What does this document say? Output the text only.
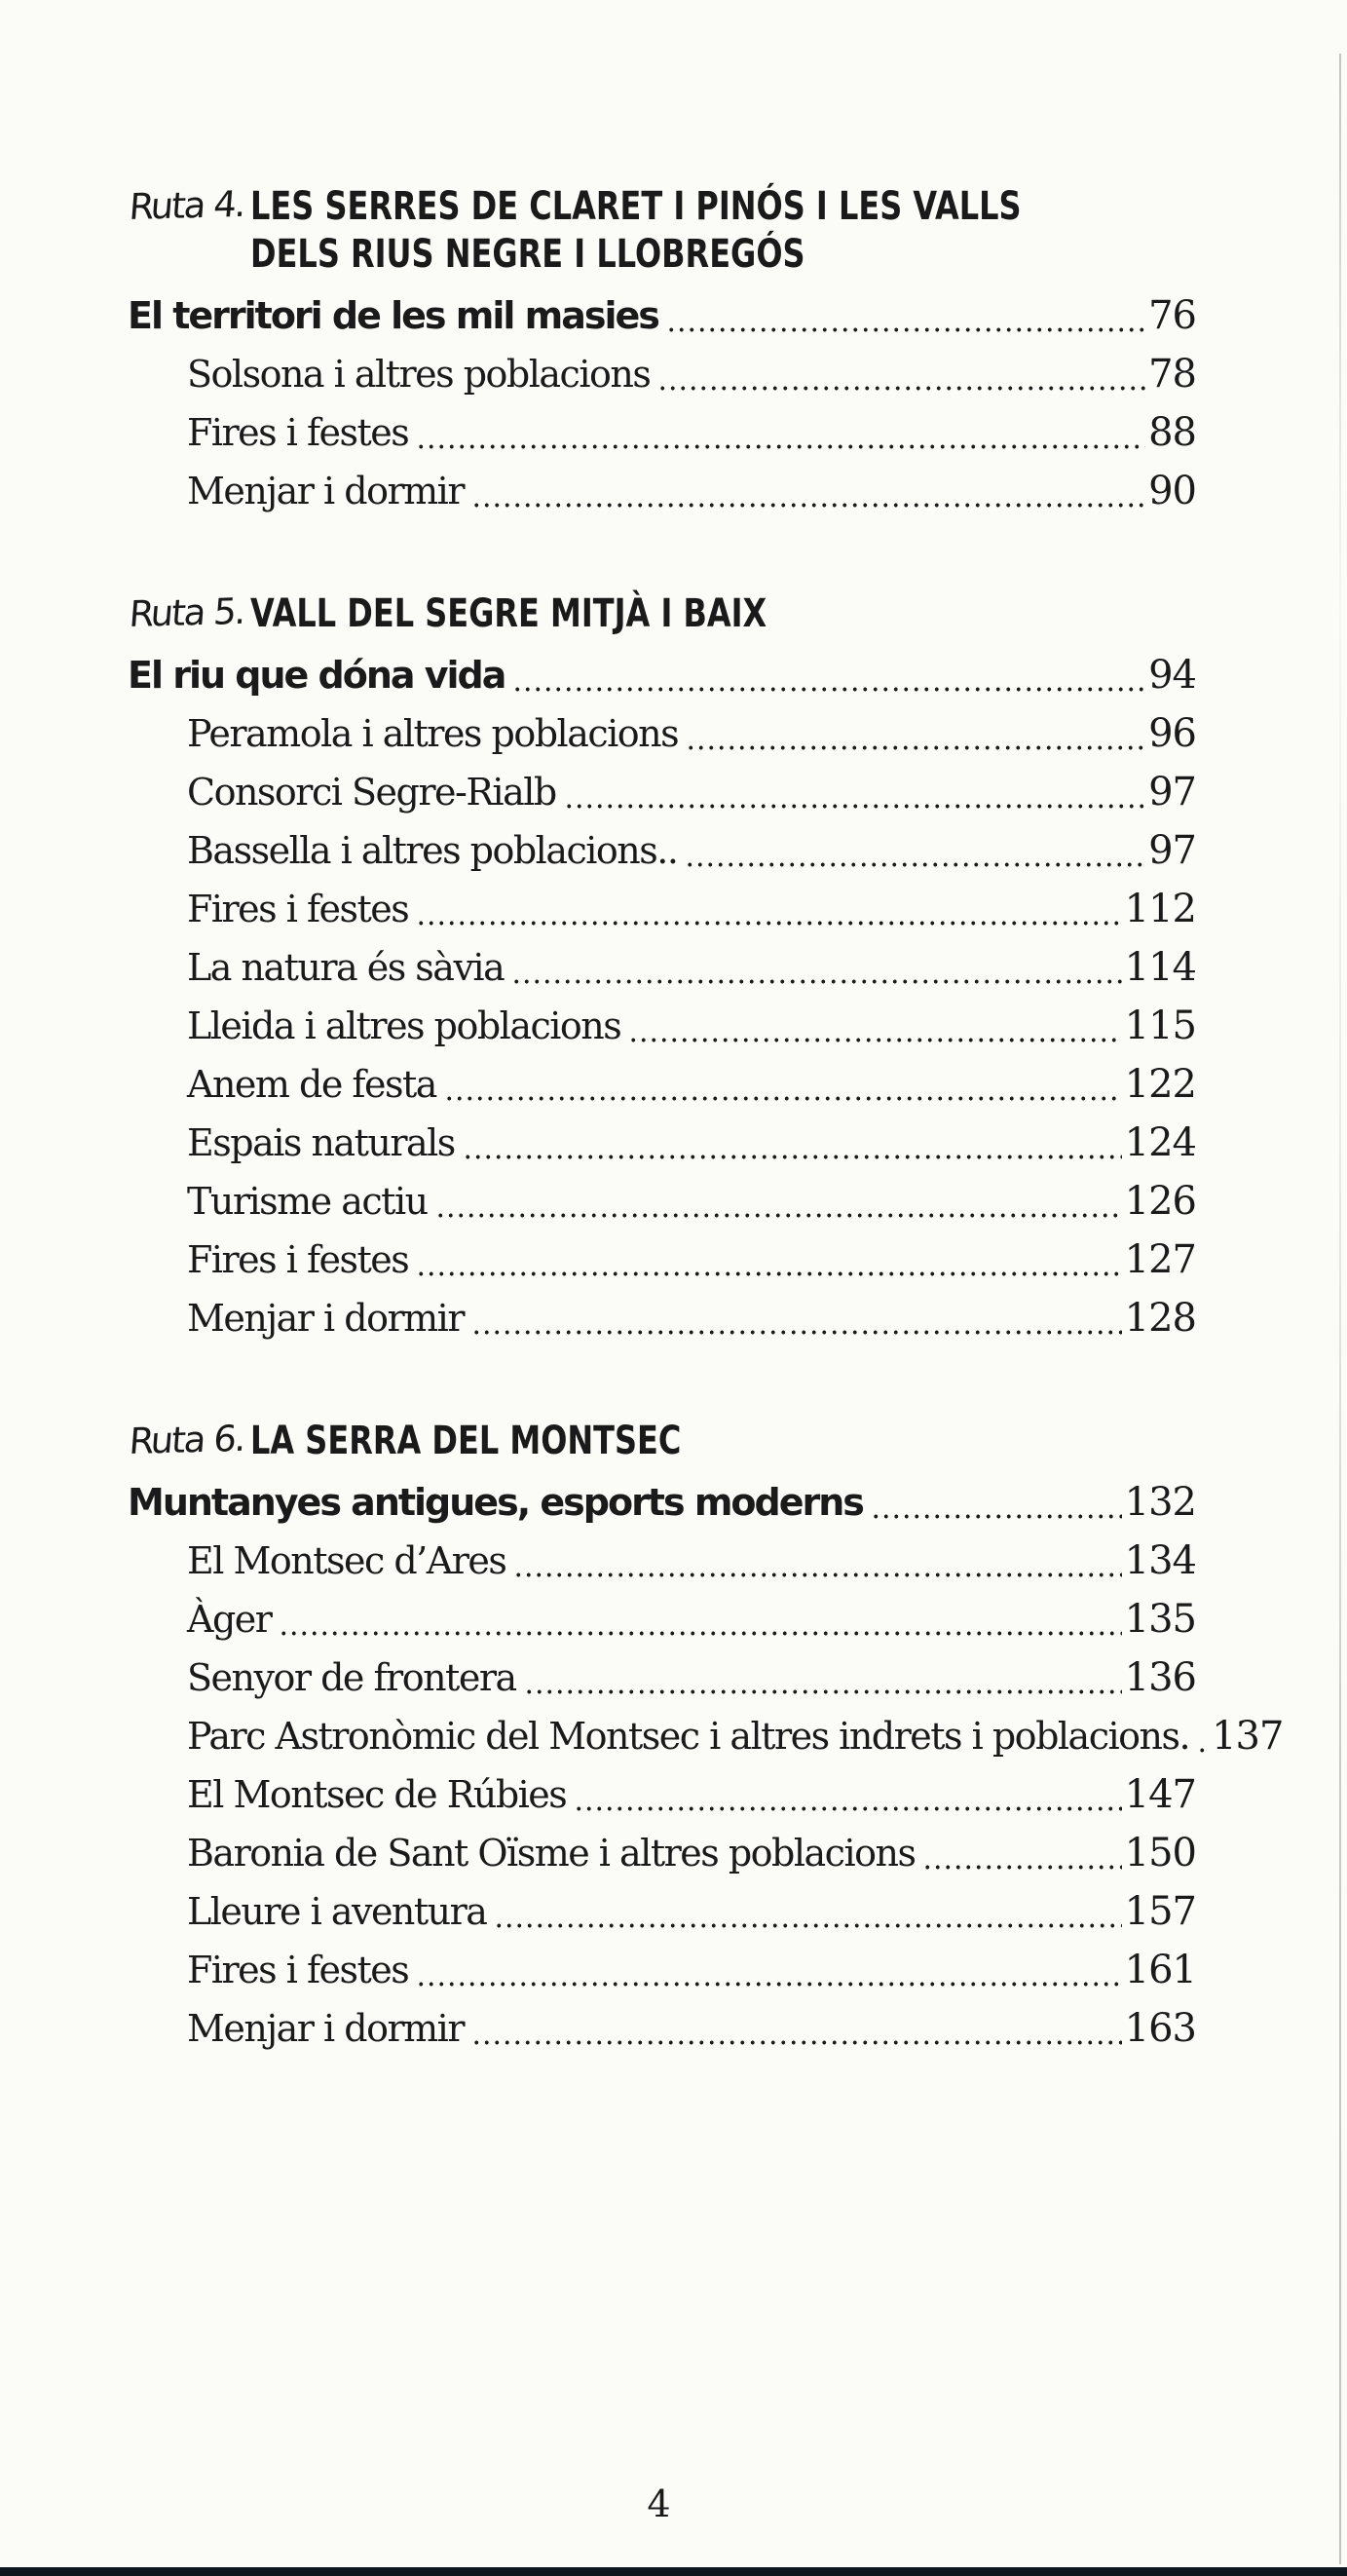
Ruta 4. LES SERRES DE CLARET I PINÓS I LES VALLS
DELS RIUS NEGRE I LLOBREGÓS
El territori de les mil masies	76
Solsona i altres poblacions	78
Fires i festes	88
Menjar i dormir	90
Ruta 5. VALL DEL SEGRE MITJÀ I BAIX
El riu que dóna vida	94
Peramola i altres poblacions	96
Consorci Segre-Rialb	97
Bassella i altres poblacions..	97
Fires i festes	112
La natura és sàvia	114
Lleida i altres poblacions	115
Anem de festa	122
Espais naturals	124
Turisme actiu	126
Fires i festes	127
Menjar i dormir	128
Ruta 6. LA SERRA DEL MONTSEC
Muntanyes antigues, esports moderns	132
El Montsec d’Ares	134
Àger	135
Senyor de frontera	136
Parc Astronòmic del Montsec i altres indrets i poblacions. 137
El Montsec de Rúbies	147
Baronia de Sant Oïsme i altres poblacions	150
Lleure i aventura	157
Fires i festes	161
Menjar i dormir	163
4
